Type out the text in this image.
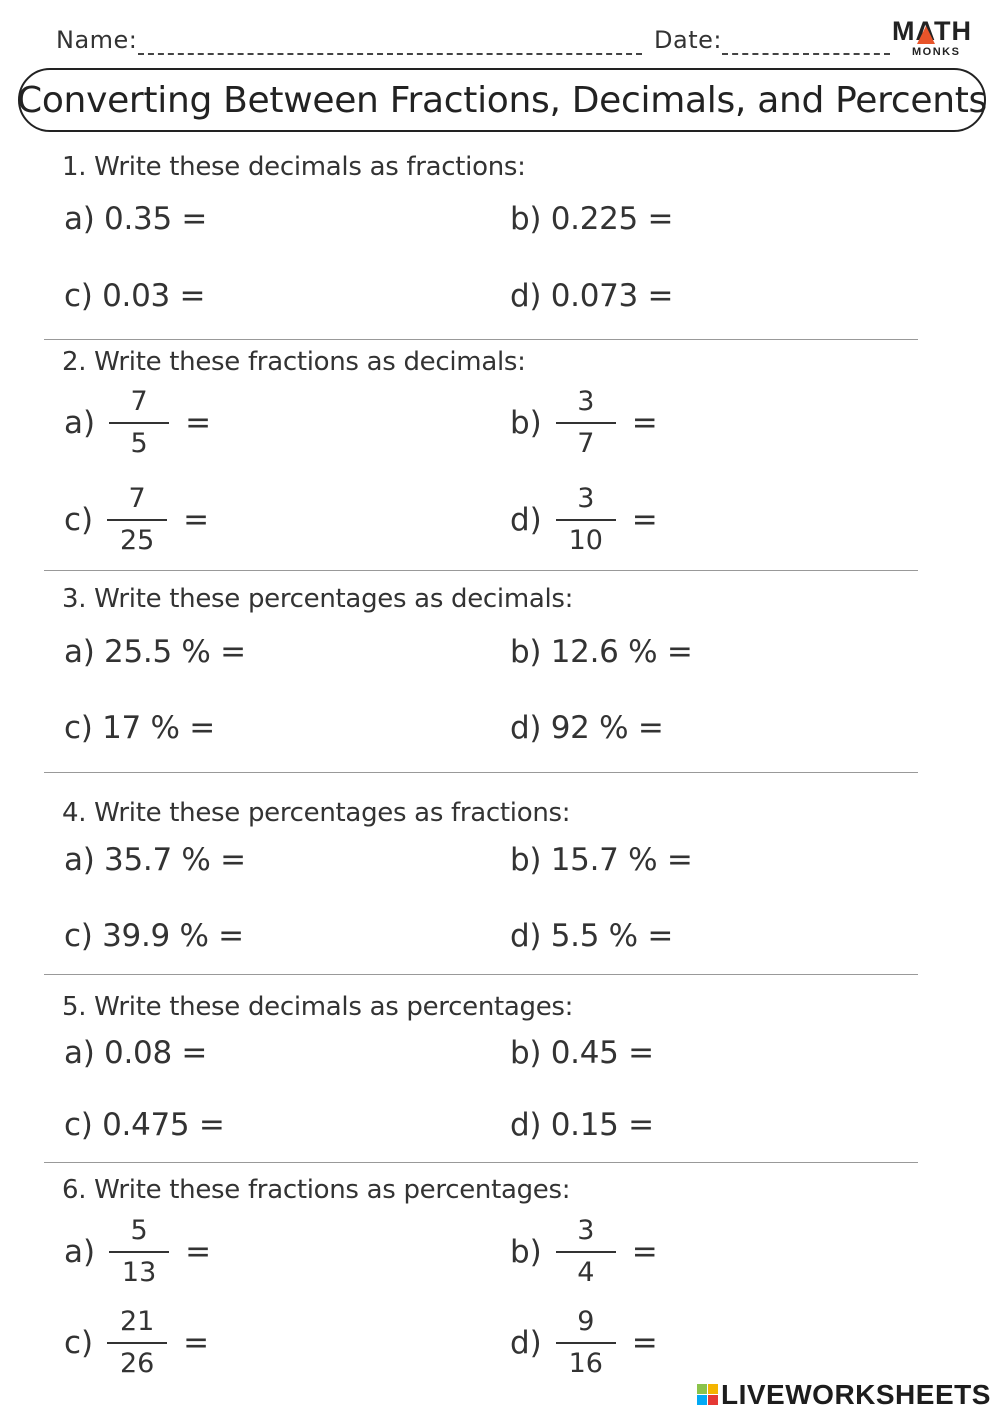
Name:	Date:	MATH
MONKS
Converting Between Fractions, Decimals, and Percents
1. Write these decimals as fractions:
a) 0.35 =	b) 0.225 =
c) 0.03 =	d) 0.073 =
2. Write these fractions as decimals:
$a) \frac{7}{5}$ =	$b) \frac{3}{7}$ =
$c) \frac{7}{25}$ =	$d) \frac{3}{10}$ =
3. Write these percentages as decimals:
a) 25.5 % =	b) 12.6 % =
c) 17 % =	d) 92 % =
4. Write these percentages as fractions:
a) 35.7 % =	b) 15.7 % =
c) 39.9 % =	d) 5.5 % =
5. Write these decimals as percentages:
a) 0.08 =	b) 0.45 =
c) 0.475 =	d) 0.15 =
6. Write these fractions as percentages:
$a) \frac{5}{13}$ =	$b) \frac{3}{4}$ =
$c) \frac{21}{26}$ =	$d) \frac{9}{16}$ =
LIVEWORKSHEETS
